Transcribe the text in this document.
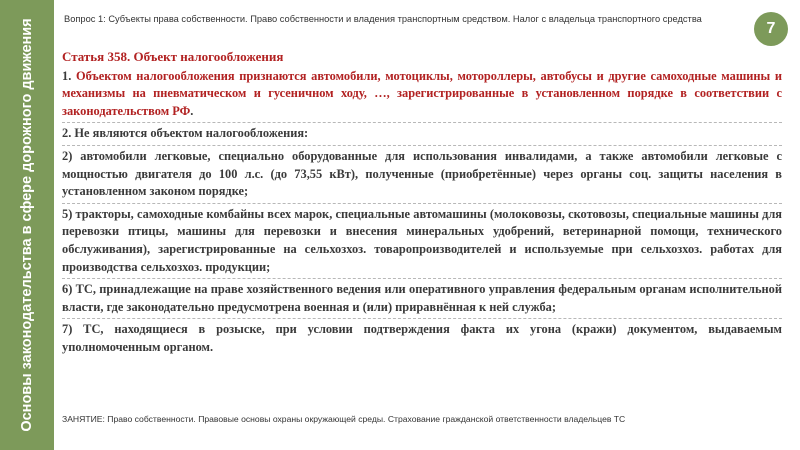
Основы законодательства в сфере дорожного движения	Вопрос 1: Субъекты права собственности. Право собственности и владения транспортным средством. Налог с владельца транспортного средства
7
Статья 358. Объект налогообложения

1. Объектом налогообложения признаются автомобили, мотоциклы, мотороллеры, автобусы и другие самоходные машины и механизмы на пневматическом и гусеничном ходу, …, зарегистрированные в установленном порядке в соответствии с законодательством РФ.

2. Не являются объектом налогообложения:

2) автомобили легковые, специально оборудованные для использования инвалидами, а также автомобили легковые с мощностью двигателя до 100 л.с. (до 73,55 кВт), полученные (приобретённые) через органы соц. защиты населения в установленном законом порядке;

5) тракторы, самоходные комбайны всех марок, специальные автомашины (молоковозы, скотовозы, специальные машины для перевозки птицы, машины для перевозки и внесения минеральных удобрений, ветеринарной помощи, технического обслуживания), зарегистрированные на сельхозхоз. товаропроизводителей и используемые при сельхозхоз. работах для производства сельхозхоз. продукции;

6) ТС, принадлежащие на праве хозяйственного ведения или оперативного управления федеральным органам исполнительной власти, где законодательно предусмотрена военная и (или) приравнённая к ней служба;

7) ТС, находящиеся в розыске, при условии подтверждения факта их угона (кражи) документом, выдаваемым уполномоченным органом.

ЗАНЯТИЕ: Право собственности. Правовые основы охраны окружающей среды. Страхование гражданской ответственности владельцев ТС
